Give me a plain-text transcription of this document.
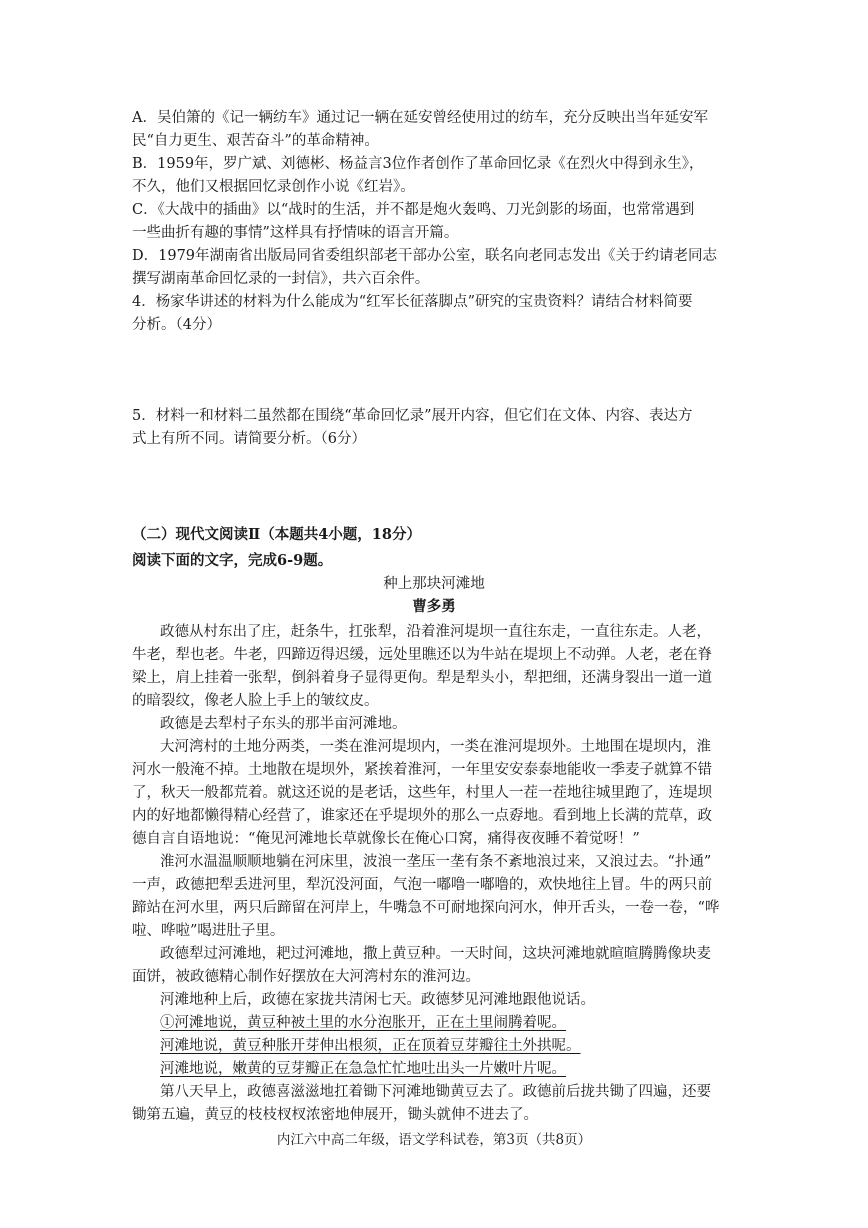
A．吴伯箫的《记一辆纺车》通过记一辆在延安曾经使用过的纺车，充分反映出当年延安军
民“自力更生、艰苦奋斗”的革命精神。
B．1959年，罗广斌、刘德彬、杨益言3位作者创作了革命回忆录《在烈火中得到永生》，
不久，他们又根据回忆录创作小说《红岩》。
C．《大战中的插曲》以“战时的生活，并不都是炮火轰鸣、刀光剑影的场面，也常常遇到
一些曲折有趣的事情”这样具有抒情味的语言开篇。
D．1979年湖南省出版局同省委组织部老干部办公室，联名向老同志发出《关于约请老同志
撰写湖南革命回忆录的一封信》，共六百余件。
4．杨家华讲述的材料为什么能成为“红军长征落脚点”研究的宝贵资料？请结合材料简要
分析。（4分）
5．材料一和材料二虽然都在围绕“革命回忆录”展开内容，但它们在文体、内容、表达方
式上有所不同。请简要分析。（6分）
（二）现代文阅读Ⅱ（本题共4小题，18分）
阅读下面的文字，完成6-9题。
种上那块河滩地
曹多勇
政德从村东出了庄，赶条牛，扛张犁，沿着淮河堤坝一直往东走，一直往东走。人老，
牛老，犁也老。牛老，四蹄迈得迟缓，远处里瞧还以为牛站在堤坝上不动弹。人老，老在脊
梁上，肩上挂着一张犁，倒斜着身子显得更佝。犁是犁头小，犁把细，还满身裂出一道一道
的暗裂纹，像老人脸上手上的皱纹皮。
政德是去犁村子东头的那半亩河滩地。
大河湾村的土地分两类，一类在淮河堤坝内，一类在淮河堤坝外。土地围在堤坝内，淮
河水一般淹不掉。土地散在堤坝外，紧挨着淮河，一年里安安泰泰地能收一季麦子就算不错
了，秋天一般都荒着。就这还说的是老话，这些年，村里人一茬一茬地往城里跑了，连堤坝
内的好地都懒得精心经营了，谁家还在乎堤坝外的那么一点孬地。看到地上长满的荒草，政
德自言自语地说：“俺见河滩地长草就像长在俺心口窝，痛得夜夜睡不着觉呀！”
淮河水温温顺顺地躺在河床里，波浪一垄压一垄有条不紊地浪过来，又浪过去。“扑通”
一声，政德把犁丢进河里，犁沉没河面，气泡一嘟噜一嘟噜的，欢快地往上冒。牛的两只前
蹄站在河水里，两只后蹄留在河岸上，牛嘴急不可耐地探向河水，伸开舌头，一卷一卷，“哗
啦、哗啦”喝进肚子里。
政德犁过河滩地，耙过河滩地，撒上黄豆种。一天时间，这块河滩地就暄暄腾腾像块麦
面饼，被政德精心制作好摆放在大河湾村东的淮河边。
河滩地种上后，政德在家拢共清闲七天。政德梦见河滩地跟他说话。
①河滩地说，黄豆种被土里的水分泡胀开，正在土里闹腾着呢。
河滩地说，黄豆种胀开芽伸出根须，正在顶着豆芽瓣往土外拱呢。
河滩地说，嫩黄的豆芽瓣正在急急忙忙地吐出头一片嫩叶片呢。
第八天早上，政德喜滋滋地扛着锄下河滩地锄黄豆去了。政德前后拢共锄了四遍，还要
锄第五遍，黄豆的枝枝杈杈浓密地伸展开，锄头就伸不进去了。
内江六中高二年级，语文学科试卷，第3页（共8页）
